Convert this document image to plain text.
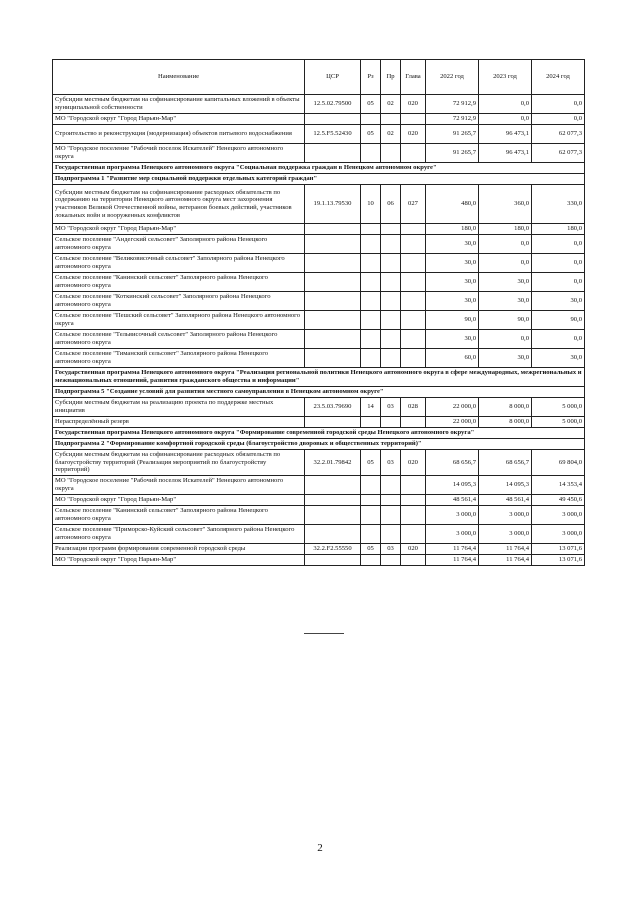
Наименование	ЦСР	Рз	Пр	Глава	2022 год	2023 год	2024 год
Субсидии местным бюджетам на софинансирование капитальных вложений в объекты муниципальной собственности	12.5.02.79500	05	02	020	72 912,9	0,0	0,0
МО "Городской округ "Город Нарьян-Мар"					72 912,9	0,0	0,0
Строительство и реконструкция (модернизация) объектов питьевого водоснабжения	12.5.F5.52430	05	02	020	91 265,7	96 473,1	62 077,3
МО "Городское поселение "Рабочий поселок Искателей" Ненецкого автономного округа					91 265,7	96 473,1	62 077,3
Государственная программа Ненецкого автономного округа "Социальная поддержка граждан в Ненецком автономном округе"							
Подпрограмма 1 "Развитие мер социальной поддержки отдельных категорий граждан"							
Субсидии местным бюджетам на софинансирование расходных обязательств по содержанию на территории Ненецкого автономного округа мест захоронения участников Великой Отечественной войны, ветеранов боевых действий, участников локальных войн и вооруженных конфликтов	19.1.13.79530	10	06	027	480,0	360,0	330,0
МО "Городской округ "Город Нарьян-Мар"					180,0	180,0	180,0
Сельское поселение "Андегский сельсовет" Заполярного района Ненецкого автономного округа					30,0	0,0	0,0
Сельское поселение "Великовисочный сельсовет" Заполярного района Ненецкого автономного округа					30,0	0,0	0,0
Сельское поселение "Канинский сельсовет" Заполярного района Ненецкого автономного округа					30,0	30,0	0,0
Сельское поселение "Коткинский сельсовет" Заполярного района Ненецкого автономного округа					30,0	30,0	30,0
Сельское поселение "Пешский сельсовет" Заполярного района Ненецкого автономного округа					90,0	90,0	90,0
Сельское поселение "Тельвисочный сельсовет" Заполярного района Ненецкого автономного округа					30,0	0,0	0,0
Сельское поселение "Тиманский сельсовет" Заполярного района Ненецкого автономного округа					60,0	30,0	30,0
Государственная программа Ненецкого автономного округа "Реализация региональной политики Ненецкого автономного округа в сфере международных, межрегиональных и межнациональных отношений, развития гражданского общества и информации"							
Подпрограмма 5 "Создание условий для развития местного самоуправления в Ненецком автономном округе"							
Субсидии местным бюджетам на реализацию проекта по поддержке местных инициатив	23.5.03.79690	14	03	028	22 000,0	8 000,0	5 000,0
Нераспределённый резерв					22 000,0	8 000,0	5 000,0
Государственная программа Ненецкого автономного округа "Формирование современной городской среды Ненецкого автономного округа"							
Подпрограмма 2 "Формирование комфортной городской среды (благоустройство дворовых и общественных территорий)"							
Субсидии местным бюджетам на софинансирование расходных обязательств по благоустройству территорий (Реализация мероприятий по благоустройству территорий)	32.2.01.79842	05	03	020	68 656,7	68 656,7	69 804,0
МО "Городское поселение "Рабочий поселок Искателей" Ненецкого автономного округа					14 095,3	14 095,3	14 353,4
МО "Городской округ "Город Нарьян-Мар"					48 561,4	48 561,4	49 450,6
Сельское поселение "Канинский сельсовет" Заполярного района Ненецкого автономного округа					3 000,0	3 000,0	3 000,0
Сельское поселение "Приморско-Куйский сельсовет" Заполярного района Ненецкого автономного округа					3 000,0	3 000,0	3 000,0
Реализация программ формирования современной городской среды	32.2.F2.55550	05	03	020	11 764,4	11 764,4	13 071,6
МО "Городской округ "Город Нарьян-Мар"					11 764,4	11 764,4	13 071,6
2
